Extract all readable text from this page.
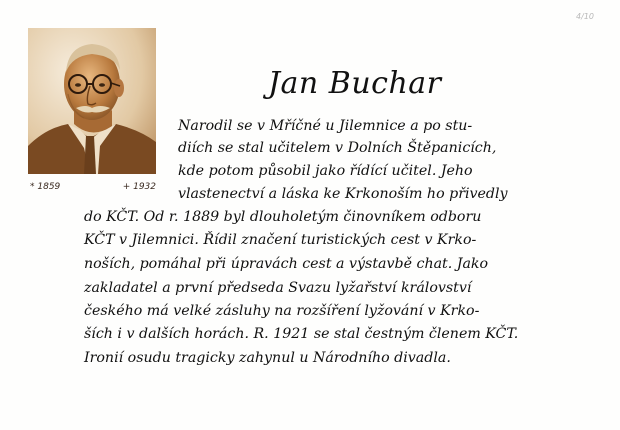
4/10
* 1859	+ 1932
Jan Buchar
Narodil se v Mříčné u Jilemnice a po stu-
diích se stal učitelem v Dolních Štěpanicích,
kde potom působil jako řídící učitel. Jeho
vlastenectví a láska ke Krkonoším ho přivedly
do KČT. Od r. 1889 byl dlouholetým činovníkem odboru
KČT v Jilemnici. Řídil značení turistických cest v Krko-
noších, pomáhal při úpravách cest a výstavbě chat. Jako
zakladatel a první předseda Svazu lyžařství království
českého má velké zásluhy na rozšíření lyžování v Krko-
ších i v dalších horách. R. 1921 se stal čestným členem KČT.
Ironií osudu tragicky zahynul u Národního divadla.
